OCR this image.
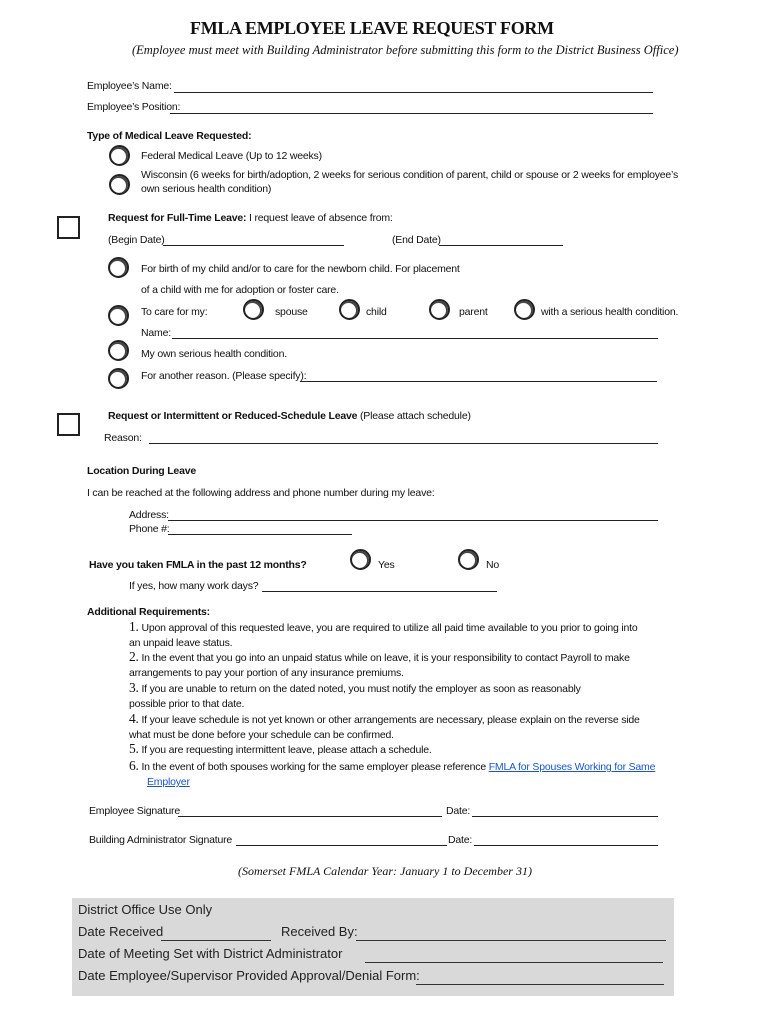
FMLA EMPLOYEE LEAVE REQUEST FORM
(Employee must meet with Building Administrator before submitting this form to the District Business Office)
Employee’s Name:
Employee’s Position:
Type of Medical Leave Requested:
Federal Medical Leave (Up to 12 weeks)
Wisconsin (6 weeks for birth/adoption, 2 weeks for serious condition of parent, child or spouse or 2 weeks for employee’s
own serious health condition)
Request for Full-Time Leave: I request leave of absence from:
(Begin Date)	(End Date)
For birth of my child and/or to care for the newborn child. For placement
of a child with me for adoption or foster care.
To care for my:	spouse	child	parent	with a serious health condition.
Name:
My own serious health condition.
For another reason. (Please specify):
Request or Intermittent or Reduced-Schedule Leave (Please attach schedule)
Reason:
Location During Leave
I can be reached at the following address and phone number during my leave:
Address:
Phone #:
Have you taken FMLA in the past 12 months?	Yes	No
If yes, how many work days?
Additional Requirements:
1. Upon approval of this requested leave, you are required to utilize all paid time available to you prior to going into
an unpaid leave status.
2. In the event that you go into an unpaid status while on leave, it is your responsibility to contact Payroll to make
arrangements to pay your portion of any insurance premiums.
3. If you are unable to return on the dated noted, you must notify the employer as soon as reasonably
possible prior to that date.
4. If your leave schedule is not yet known or other arrangements are necessary, please explain on the reverse side
what must be done before your schedule can be confirmed.
5. If you are requesting intermittent leave, please attach a schedule.
6. In the event of both spouses working for the same employer please reference FMLA for Spouses Working for Same
Employer
Employee Signature	Date:
Building Administrator Signature	Date:
(Somerset FMLA Calendar Year: January 1 to December 31)
District Office Use Only
Date Received	Received By:
Date of Meeting Set with District Administrator
Date Employee/Supervisor Provided Approval/Denial Form:
